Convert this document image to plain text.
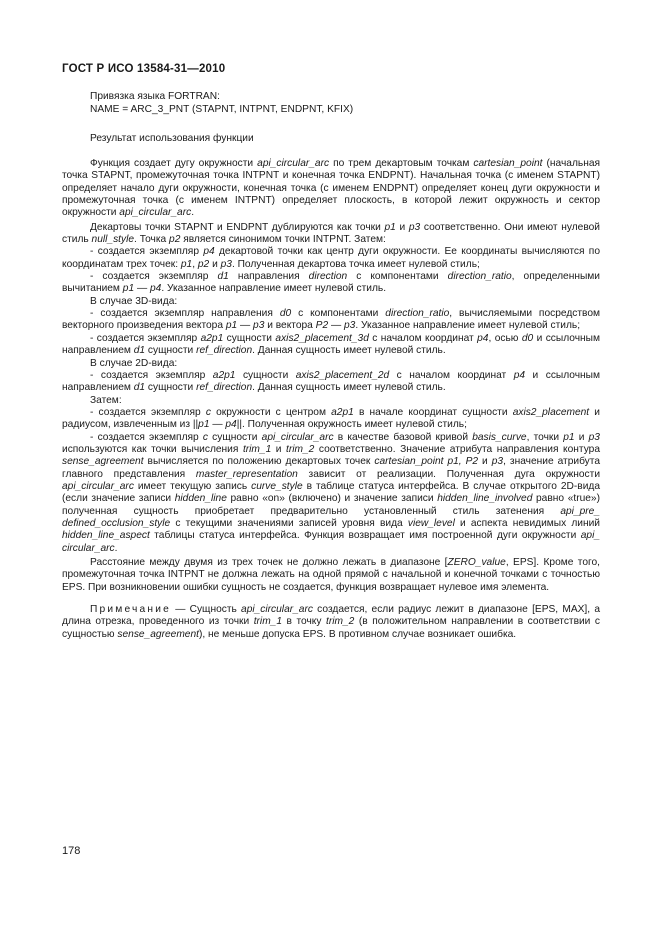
ГОСТ Р ИСО 13584-31—2010
Привязка языка FORTRAN:
NAME = ARC_3_PNT (STAPNT, INTPNT, ENDPNT, KFIX)
Результат использования функции

Функция создает дугу окружности api_circular_arc по трем декартовым точкам cartesian_point (начальная точка STAPNT, промежуточная точка INTPNT и конечная точка ENDPNT). Начальная точка (с именем STAPNT) определяет начало дуги окружности, конечная точка (с именем ENDPNT) определяет конец дуги окружности и промежуточная точка (с именем INTPNT) определяет плоскость, в которой лежит окружность и сектор окружности api_circular_arc.

Декартовы точки STAPNT и ENDPNT дублируются как точки p1 и p3 соответственно. Они имеют нулевой стиль null_style. Точка p2 является синонимом точки INTPNT. Затем:

- создается экземпляр p4 декартовой точки как центр дуги окружности. Ее координаты вычисляются по координатам трех точек: p1, p2 и p3. Полученная декартова точка имеет нулевой стиль;

- создается экземпляр d1 направления direction с компонентами direction_ratio, определенными вычитанием p1 — p4. Указанное направление имеет нулевой стиль.

В случае 3D-вида:

- создается экземпляр направления d0 с компонентами direction_ratio, вычисляемыми посредством векторного произведения вектора p1 — p3 и вектора P2 — p3. Указанное направление имеет нулевой стиль;

- создается экземпляр a2p1 сущности axis2_placement_3d с началом координат p4, осью d0 и ссылочным направлением d1 сущности ref_direction. Данная сущность имеет нулевой стиль.

В случае 2D-вида:

- создается экземпляр a2p1 сущности axis2_placement_2d с началом координат p4 и ссылочным направлением d1 сущности ref_direction. Данная сущность имеет нулевой стиль.

Затем:

- создается экземпляр c окружности с центром a2p1 в начале координат сущности axis2_placement и радиусом, извлеченным из ||p1 — p4||. Полученная окружность имеет нулевой стиль;

- создается экземпляр c сущности api_circular_arc в качестве базовой кривой basis_curve, точки p1 и p3 используются как точки вычисления trim_1 и trim_2 соответственно. Значение атрибута направления контура sense_agreement вычисляется по положению декартовых точек cartesian_point p1, P2 и p3, значение атрибута главного представления master_representation зависит от реализации. Полученная дуга окружности api_circular_arc имеет текущую запись curve_style в таблице статуса интерфейса. В случае открытого 2D-вида (если значение записи hidden_line равно «on» (включено) и значение записи hidden_line_involved равно «true») полученная сущность приобретает предварительно установленный стиль затенения api_pre_ defined_occlusion_style с текущими значениями записей уровня вида view_level и аспекта невидимых линий hidden_line_aspect таблицы статуса интерфейса. Функция возвращает имя построенной дуги окружности api_ circular_arc.

Расстояние между двумя из трех точек не должно лежать в диапазоне [ZERO_value, EPS]. Кроме того, промежуточная точка INTPNT не должна лежать на одной прямой с начальной и конечной точками с точностью EPS. При возникновении ошибки сущность не создается, функция возвращает нулевое имя элемента.

Примечание — Сущность api_circular_arc создается, если радиус лежит в диапазоне [EPS, MAX], а длина отрезка, проведенного из точки trim_1 в точку trim_2 (в положительном направлении в соответствии с сущностью sense_agreement), не меньше допуска EPS. В противном случае возникает ошибка.

178
